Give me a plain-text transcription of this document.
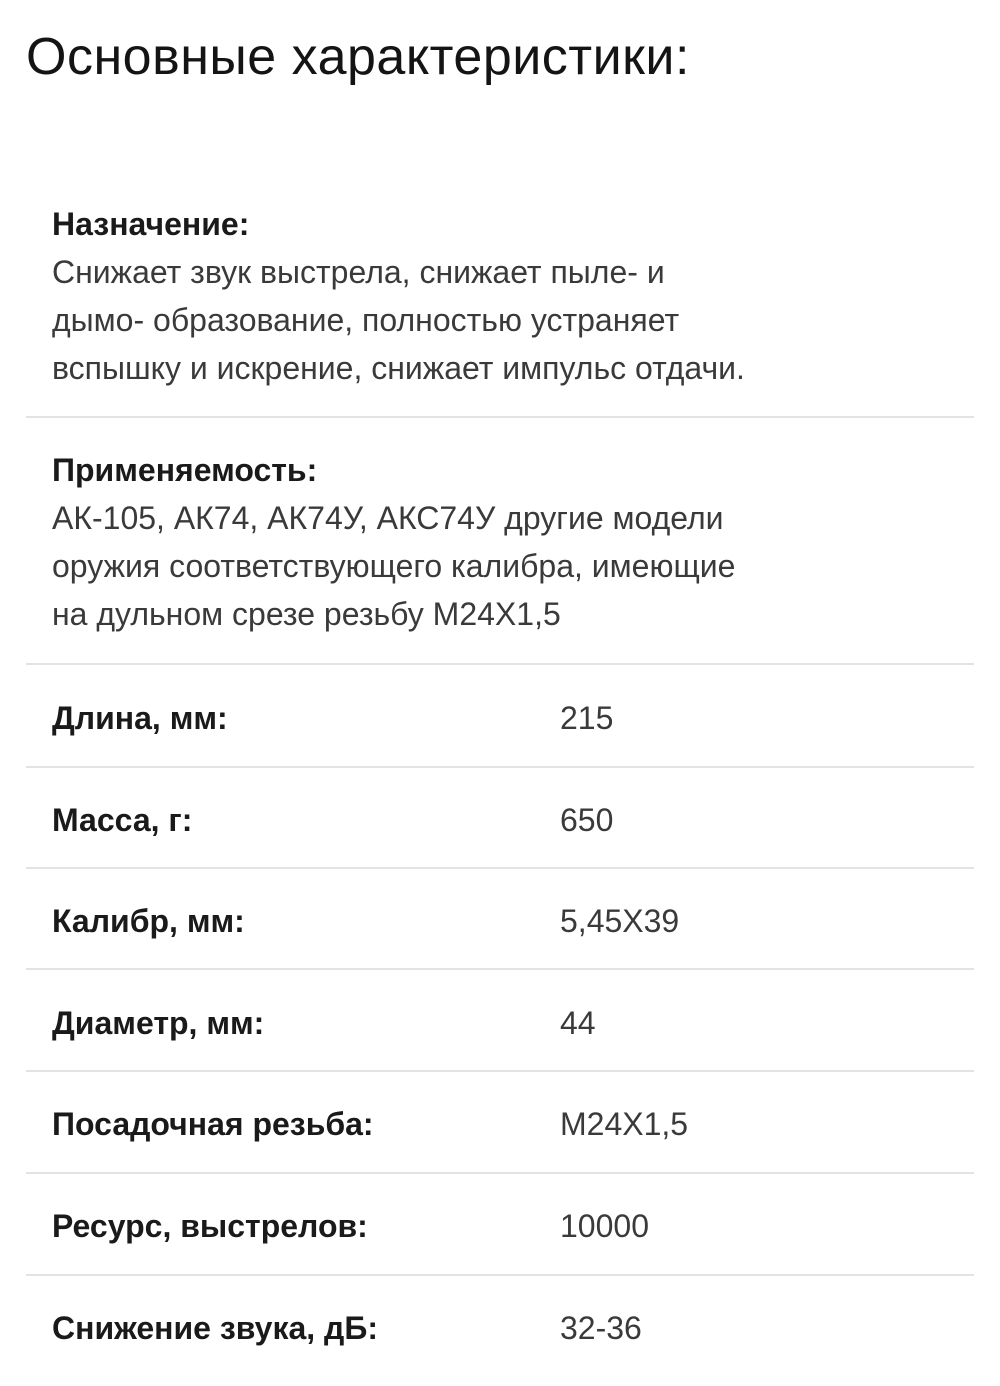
Основные характеристики:

Назначение:

Снижает звук выстрела, снижает пыле- и

дымо- образование, полностью устраняет

вспышку и искрение, снижает импульс отдачи.

Применяемость:

АК-105, АК74, АК74У, АКС74У другие модели

оружия соответствующего калибра, имеющие

на дульном срезе резьбу М24Х1,5

Длина, мм:	215
Масса, г:	650
Калибр, мм:	5,45Х39
Диаметр, мм:	44
Посадочная резьба:	М24Х1,5
Ресурс, выстрелов:	10000
Снижение звука, дБ:	32-36
